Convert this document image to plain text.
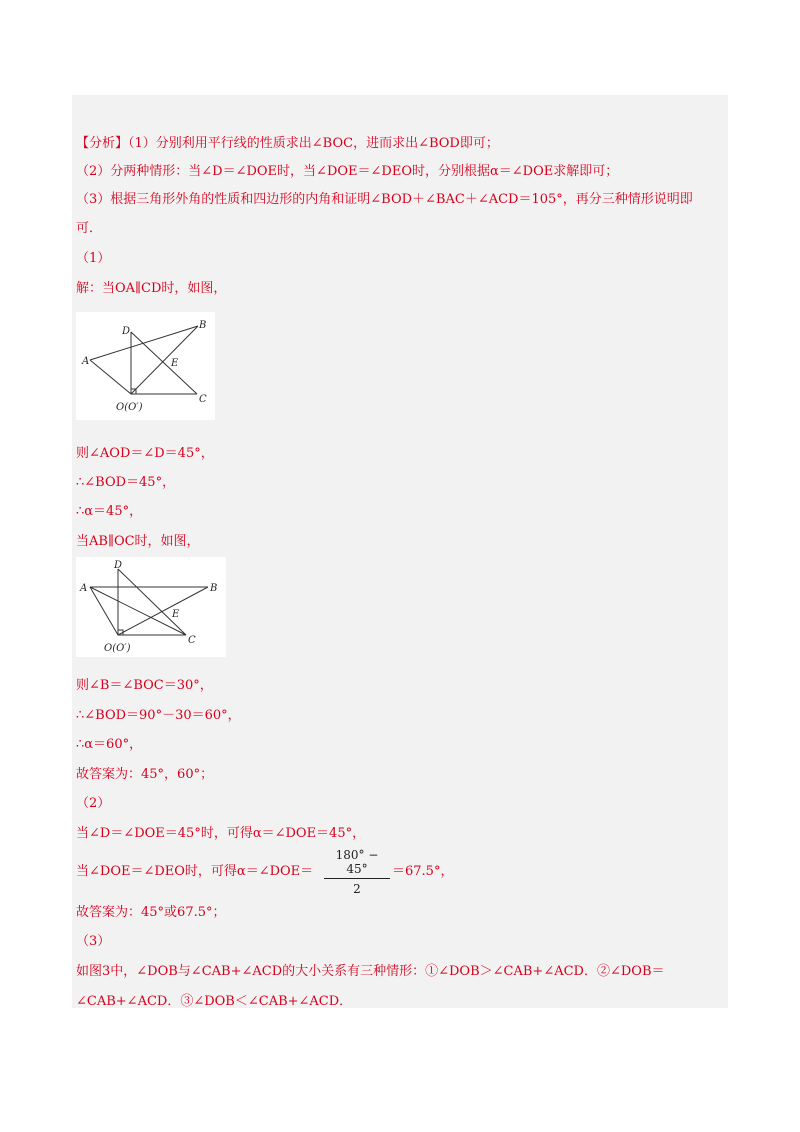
【分析】（1）分别利用平行线的性质求出∠BOC，进而求出∠BOD即可；
（2）分两种情形：当∠D＝∠DOE时，当∠DOE＝∠DEO时，分别根据α＝∠DOE求解即可；
（3）根据三角形外角的性质和四边形的内角和证明∠BOD＋∠BAC＋∠ACD＝105°，再分三种情形说明即
可．
（1）
解：当OA∥CD时，如图，
A
B
C
D
E
O(O′)
则∠AOD＝∠D＝45°，
∴∠BOD＝45°，
∴α＝45°，
当AB∥OC时，如图，
A	B
C
D
E
O(O′)
则∠B＝∠BOC＝30°，
∴∠BOD＝90°－30＝60°，
∴α＝60°，
故答案为：45°，60°；
（2）
当∠D＝∠DOE＝45°时，可得α＝∠DOE＝45°，
当∠DOE＝∠DEO时，可得α＝∠DOE＝ $\frac{180^\circ - 45^\circ}{2} =67.5^\circ$，
故答案为：45°或67.5°；
（3）
如图3中，∠DOB与∠CAB+∠ACD的大小关系有三种情形：①∠DOB＞∠CAB+∠ACD．②∠DOB＝
∠CAB+∠ACD．③∠DOB＜∠CAB+∠ACD．
